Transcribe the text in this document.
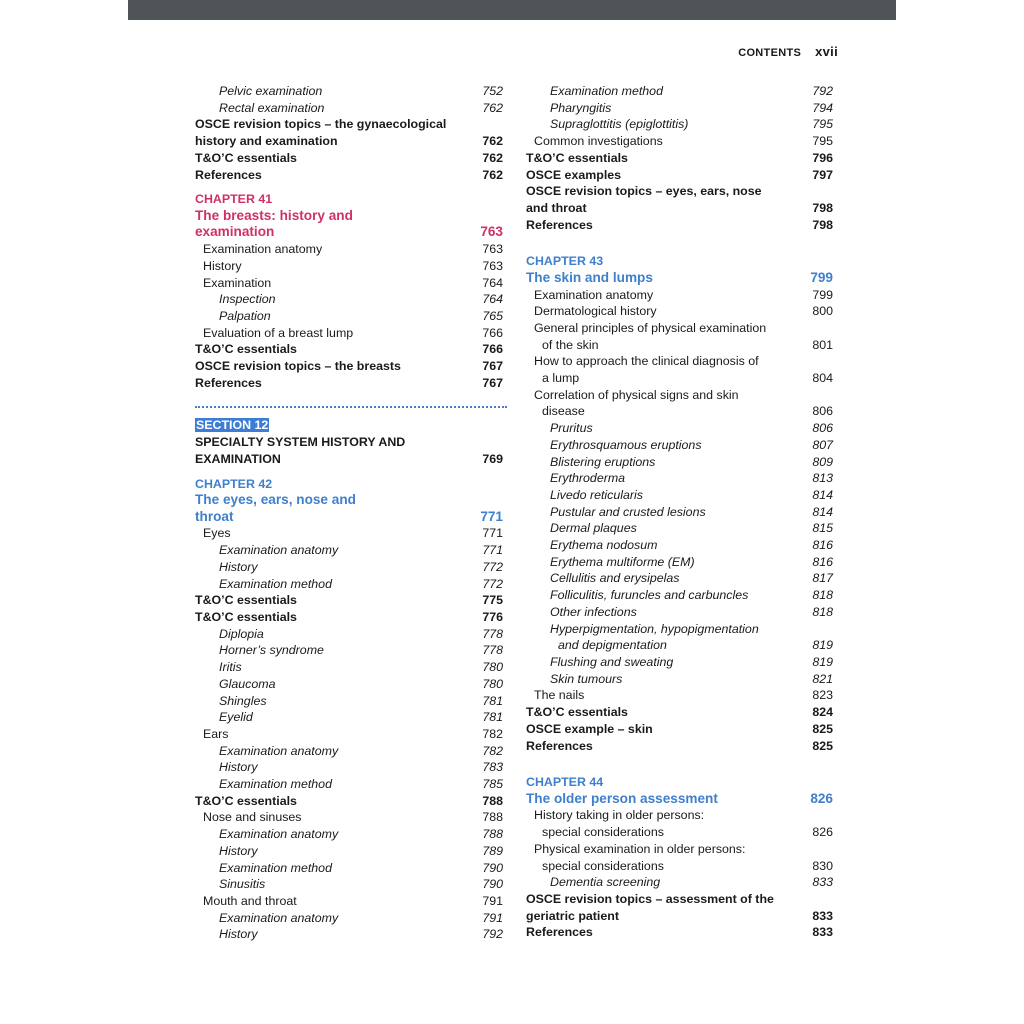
CONTENTS xvii
Pelvic examination	752
Rectal examination	762
OSCE revision topics – the gynaecological
history and examination	762
T&O’C essentials	762
References	762
CHAPTER 41
The breasts: history and
examination	763
Examination anatomy	763
History	763
Examination	764
Inspection	764
Palpation	765
Evaluation of a breast lump	766
T&O’C essentials	766
OSCE revision topics – the breasts	767
References	767
SECTION 12
SPECIALTY SYSTEM HISTORY AND
EXAMINATION	769
CHAPTER 42
The eyes, ears, nose and
throat	771
Eyes	771
Examination anatomy	771
History	772
Examination method	772
T&O’C essentials	775
T&O’C essentials	776
Diplopia	778
Horner’s syndrome	778
Iritis	780
Glaucoma	780
Shingles	781
Eyelid	781
Ears	782
Examination anatomy	782
History	783
Examination method	785
T&O’C essentials	788
Nose and sinuses	788
Examination anatomy	788
History	789
Examination method	790
Sinusitis	790
Mouth and throat	791
Examination anatomy	791
History	792
Examination method	792
Pharyngitis	794
Supraglottitis (epiglottitis)	795
Common investigations	795
T&O’C essentials	796
OSCE examples	797
OSCE revision topics – eyes, ears, nose
and throat	798
References	798
CHAPTER 43
The skin and lumps	799
Examination anatomy	799
Dermatological history	800
General principles of physical examination
of the skin	801
How to approach the clinical diagnosis of
a lump	804
Correlation of physical signs and skin
disease	806
Pruritus	806
Erythrosquamous eruptions	807
Blistering eruptions	809
Erythroderma	813
Livedo reticularis	814
Pustular and crusted lesions	814
Dermal plaques	815
Erythema nodosum	816
Erythema multiforme (EM)	816
Cellulitis and erysipelas	817
Folliculitis, furuncles and carbuncles	818
Other infections	818
Hyperpigmentation, hypopigmentation
and depigmentation	819
Flushing and sweating	819
Skin tumours	821
The nails	823
T&O’C essentials	824
OSCE example – skin	825
References	825
CHAPTER 44
The older person assessment	826
History taking in older persons:
special considerations	826
Physical examination in older persons:
special considerations	830
Dementia screening	833
OSCE revision topics – assessment of the
geriatric patient	833
References	833
